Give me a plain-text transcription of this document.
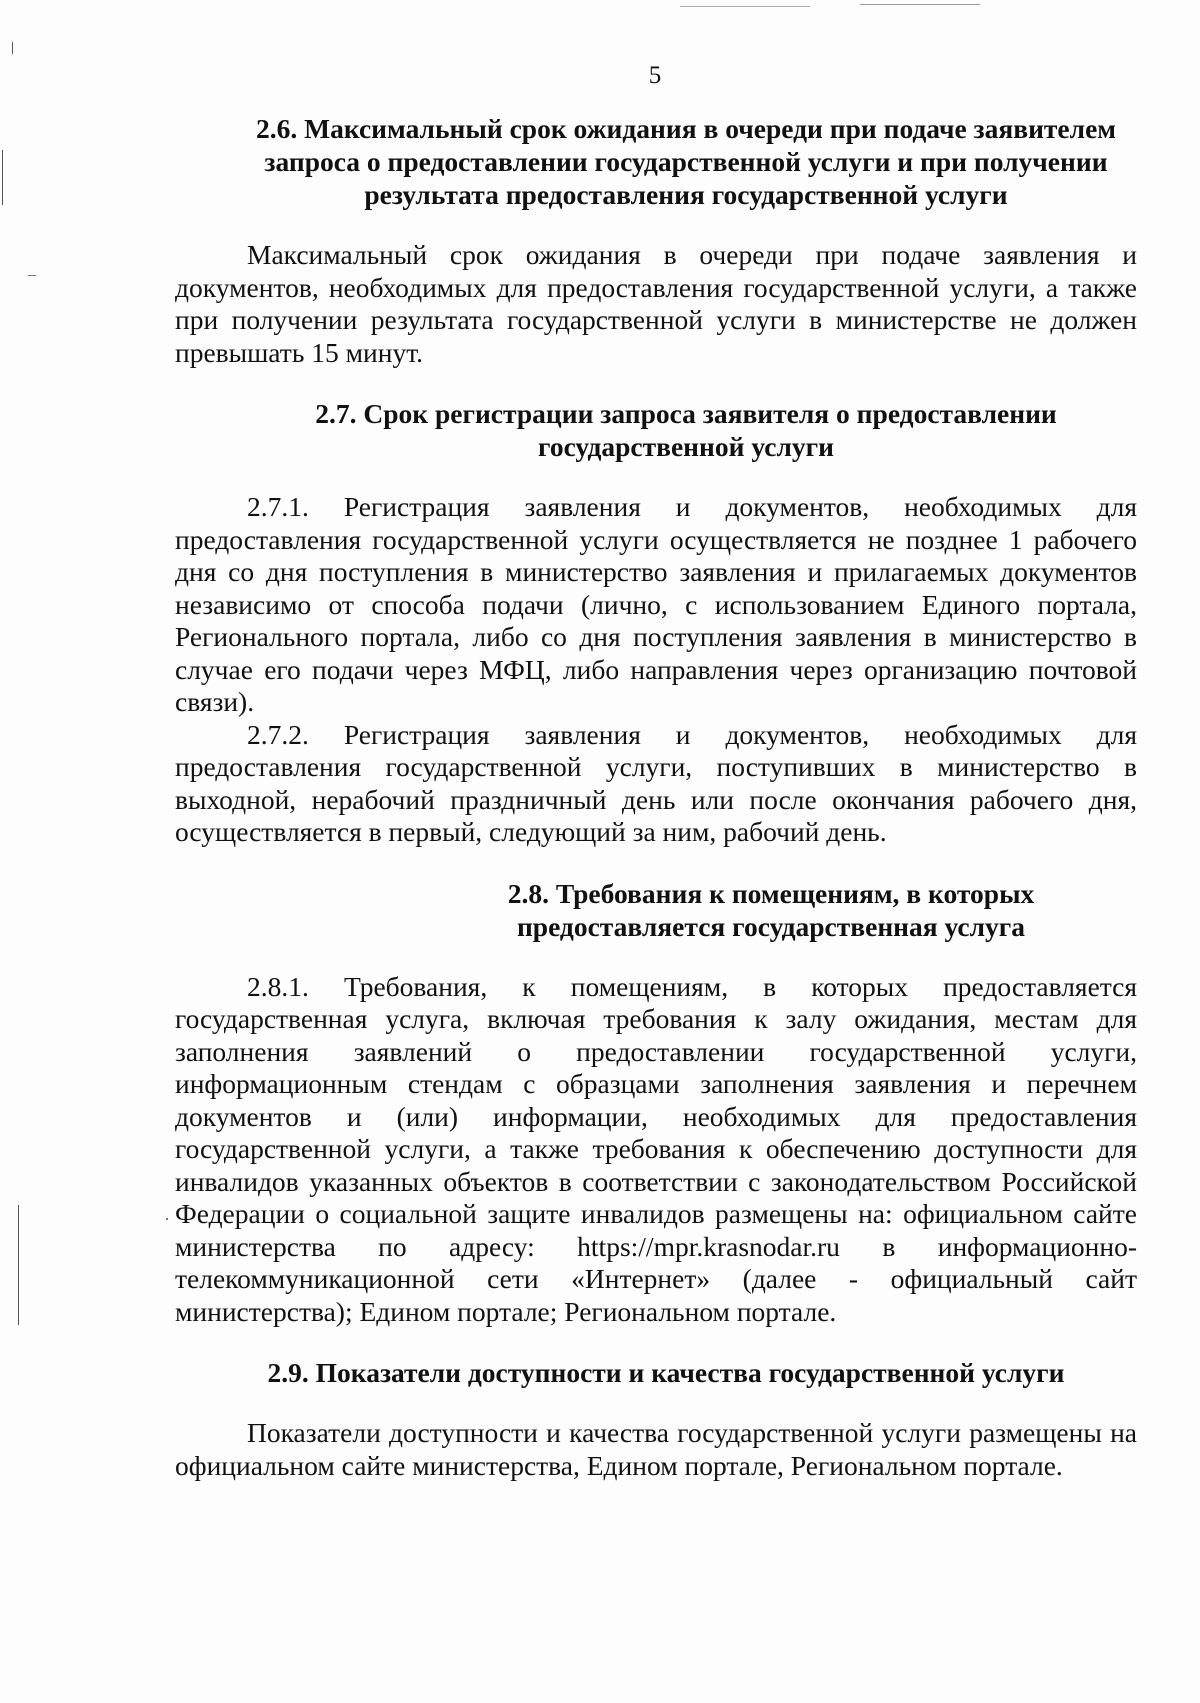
5
2.6. Максимальный срок ожидания в очереди при подаче заявителем
запроса о предоставлении государственной услуги и при получении
результата предоставления государственной услуги

Максимальный срок ожидания в очереди при подаче заявления и документов, необходимых для предоставления государственной услуги, а также при получении результата государственной услуги в министерстве не должен превышать 15 минут.

2.7. Срок регистрации запроса заявителя о предоставлении
государственной услуги

2.7.1. Регистрация заявления и документов, необходимых для предоставления государственной услуги осуществляется не позднее 1 рабочего дня со дня поступления в министерство заявления и прилагаемых документов независимо от способа подачи (лично, с использованием Единого портала, Регионального портала, либо со дня поступления заявления в министерство в случае его подачи через МФЦ, либо направления через организацию почтовой связи).

2.7.2. Регистрация заявления и документов, необходимых для предоставления государственной услуги, поступивших в министерство в выходной, нерабочий праздничный день или после окончания рабочего дня, осуществляется в первый, следующий за ним, рабочий день.

2.8. Требования к помещениям, в которых
предоставляется государственная услуга

2.8.1. Требования, к помещениям, в которых предоставляется государственная услуга, включая требования к залу ожидания, местам для заполнения заявлений о предоставлении государственной услуги, информационным стендам с образцами заполнения заявления и перечнем документов и (или) информации, необходимых для предоставления государственной услуги, а также требования к обеспечению доступности для инвалидов указанных объектов в соответствии с законодательством Российской Федерации о социальной защите инвалидов размещены на: официальном сайте министерства по адресу: https://mpr.krasnodar.ru в информационно-телекоммуникационной сети «Интернет» (далее - официальный сайт министерства); Едином портале; Региональном портале.

2.9. Показатели доступности и качества государственной услуги

Показатели доступности и качества государственной услуги размещены на официальном сайте министерства, Едином портале, Региональном портале.
